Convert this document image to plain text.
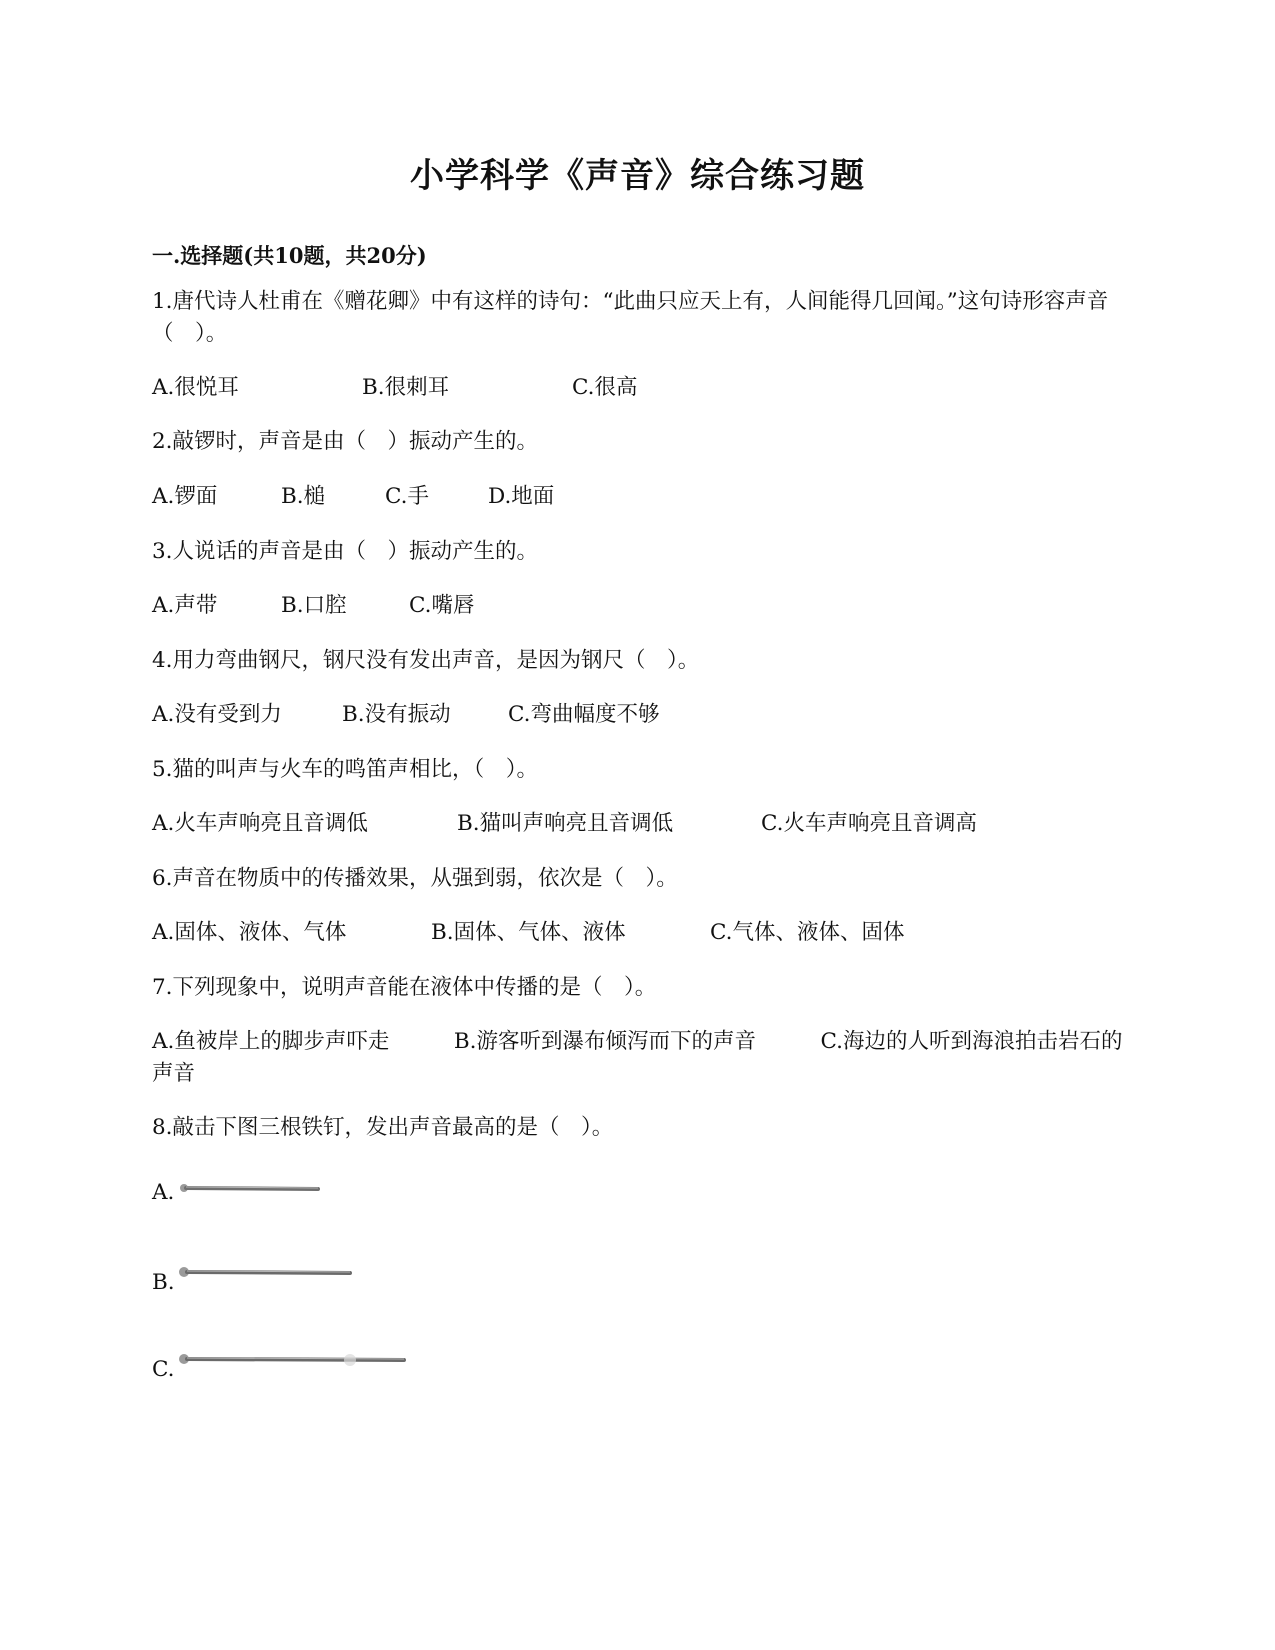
小学科学《声音》综合练习题
一.选择题(共10题，共20分)
1.唐代诗人杜甫在《赠花卿》中有这样的诗句：“此曲只应天上有，人间能得几回闻。”这句诗形容声音（　）。
A.很悦耳	B.很刺耳	C.很高
2.敲锣时，声音是由（　）振动产生的。
A.锣面	B.槌	C.手	D.地面
3.人说话的声音是由（　）振动产生的。
A.声带	B.口腔	C.嘴唇
4.用力弯曲钢尺，钢尺没有发出声音，是因为钢尺（　）。
A.没有受到力	B.没有振动	C.弯曲幅度不够
5.猫的叫声与火车的鸣笛声相比，（　）。
A.火车声响亮且音调低	B.猫叫声响亮且音调低	C.火车声响亮且音调高
6.声音在物质中的传播效果，从强到弱，依次是（　）。
A.固体、液体、气体	B.固体、气体、液体	C.气体、液体、固体
7.下列现象中，说明声音能在液体中传播的是（　）。
A.鱼被岸上的脚步声吓走　　　B.游客听到瀑布倾泻而下的声音　　　C.海边的人听到海浪拍击岩石的声音
8.敲击下图三根铁钉，发出声音最高的是（　）。
A.
B.
C.
